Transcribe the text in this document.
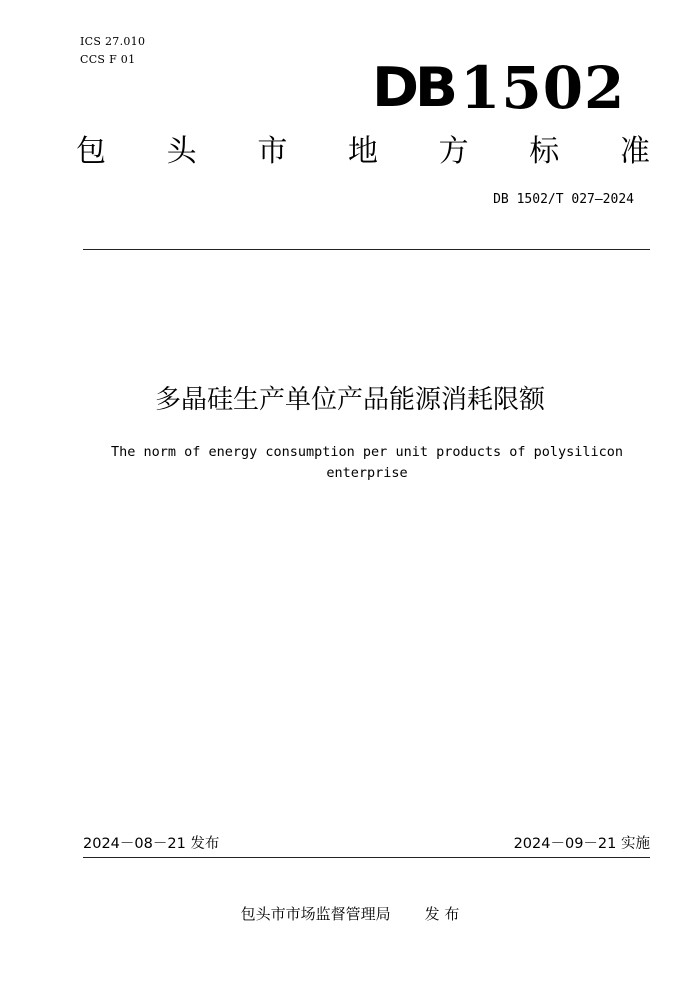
ICS 27.010
CCS F 01	DB 1502
包 头 市 地 方 标 准
DB 1502/T 027—2024
多晶硅生产单位产品能源消耗限额
The norm of energy consumption per unit products of polysilicon
enterprise
2024－08－21 发布	2024－09－21 实施
包头市市场监督管理局 发 布
